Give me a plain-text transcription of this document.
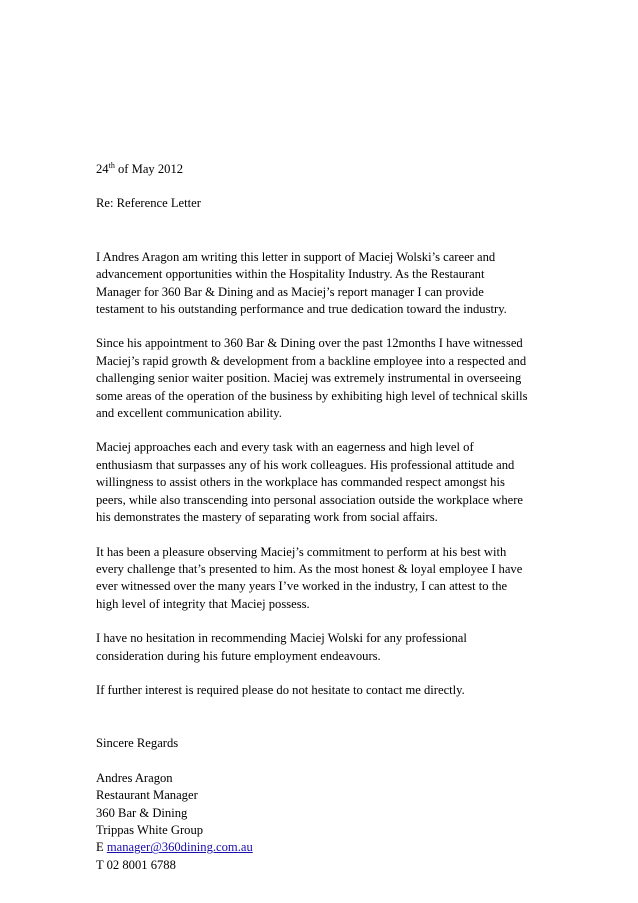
24th of May 2012
Re: Reference Letter
I Andres Aragon am writing this letter in support of Maciej Wolski’s career and
advancement opportunities within the Hospitality Industry. As the Restaurant
Manager for 360 Bar & Dining and as Maciej’s report manager I can provide
testament to his outstanding performance and true dedication toward the industry.
Since his appointment to 360 Bar & Dining over the past 12months I have witnessed
Maciej’s rapid growth & development from a backline employee into a respected and
challenging senior waiter position. Maciej was extremely instrumental in overseeing
some areas of the operation of the business by exhibiting high level of technical skills
and excellent communication ability.
Maciej approaches each and every task with an eagerness and high level of
enthusiasm that surpasses any of his work colleagues. His professional attitude and
willingness to assist others in the workplace has commanded respect amongst his
peers, while also transcending into personal association outside the workplace where
his demonstrates the mastery of separating work from social affairs.
It has been a pleasure observing Maciej’s commitment to perform at his best with
every challenge that’s presented to him. As the most honest & loyal employee I have
ever witnessed over the many years I’ve worked in the industry, I can attest to the
high level of integrity that Maciej possess.
I have no hesitation in recommending Maciej Wolski for any professional
consideration during his future employment endeavours.
If further interest is required please do not hesitate to contact me directly.
Sincere Regards
Andres Aragon
Restaurant Manager
360 Bar & Dining
Trippas White Group
E manager@360dining.com.au
T 02 8001 6788
